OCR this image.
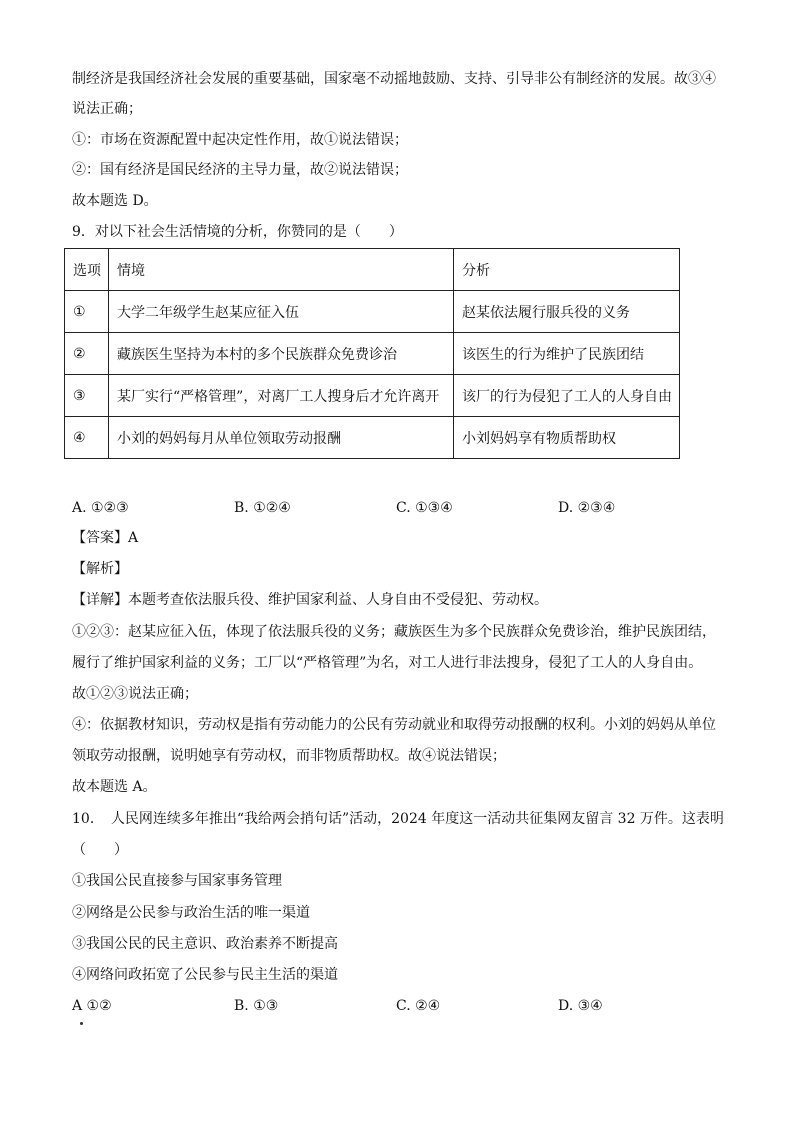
制经济是我国经济社会发展的重要基础，国家毫不动摇地鼓励、支持、引导非公有制经济的发展。故③④
说法正确；
①：市场在资源配置中起决定性作用，故①说法错误；
②：国有经济是国民经济的主导力量，故②说法错误；
故本题选 D。
9．对以下社会生活情境的分析，你赞同的是（　　）
选项	情境	分析
①	大学二年级学生赵某应征入伍	赵某依法履行服兵役的义务
②	藏族医生坚持为本村的多个民族群众免费诊治	该医生的行为维护了民族团结
③	某厂实行“严格管理”，对离厂工人搜身后才允许离开	该厂的行为侵犯了工人的人身自由
④	小刘的妈妈每月从单位领取劳动报酬	小刘妈妈享有物质帮助权
A. ①②③	B. ①②④	C. ①③④	D. ②③④
【答案】A
【解析】
【详解】本题考查依法服兵役、维护国家利益、人身自由不受侵犯、劳动权。
①②③：赵某应征入伍，体现了依法服兵役的义务；藏族医生为多个民族群众免费诊治，维护民族团结，
履行了维护国家利益的义务；工厂以“严格管理”为名，对工人进行非法搜身，侵犯了工人的人身自由。
故①②③说法正确；
④：依据教材知识，劳动权是指有劳动能力的公民有劳动就业和取得劳动报酬的权利。小刘的妈妈从单位
领取劳动报酬，说明她享有劳动权，而非物质帮助权。故④说法错误；
故本题选 A。
10．　人民网连续多年推出“我给两会捎句话”活动，2024 年度这一活动共征集网友留言 32 万件。这表明
（　　）
①我国公民直接参与国家事务管理
②网络是公民参与政治生活的唯一渠道
③我国公民的民主意识、政治素养不断提高
④网络问政拓宽了公民参与民主生活的渠道
A ①②	B. ①③	C. ②④	D. ③④
